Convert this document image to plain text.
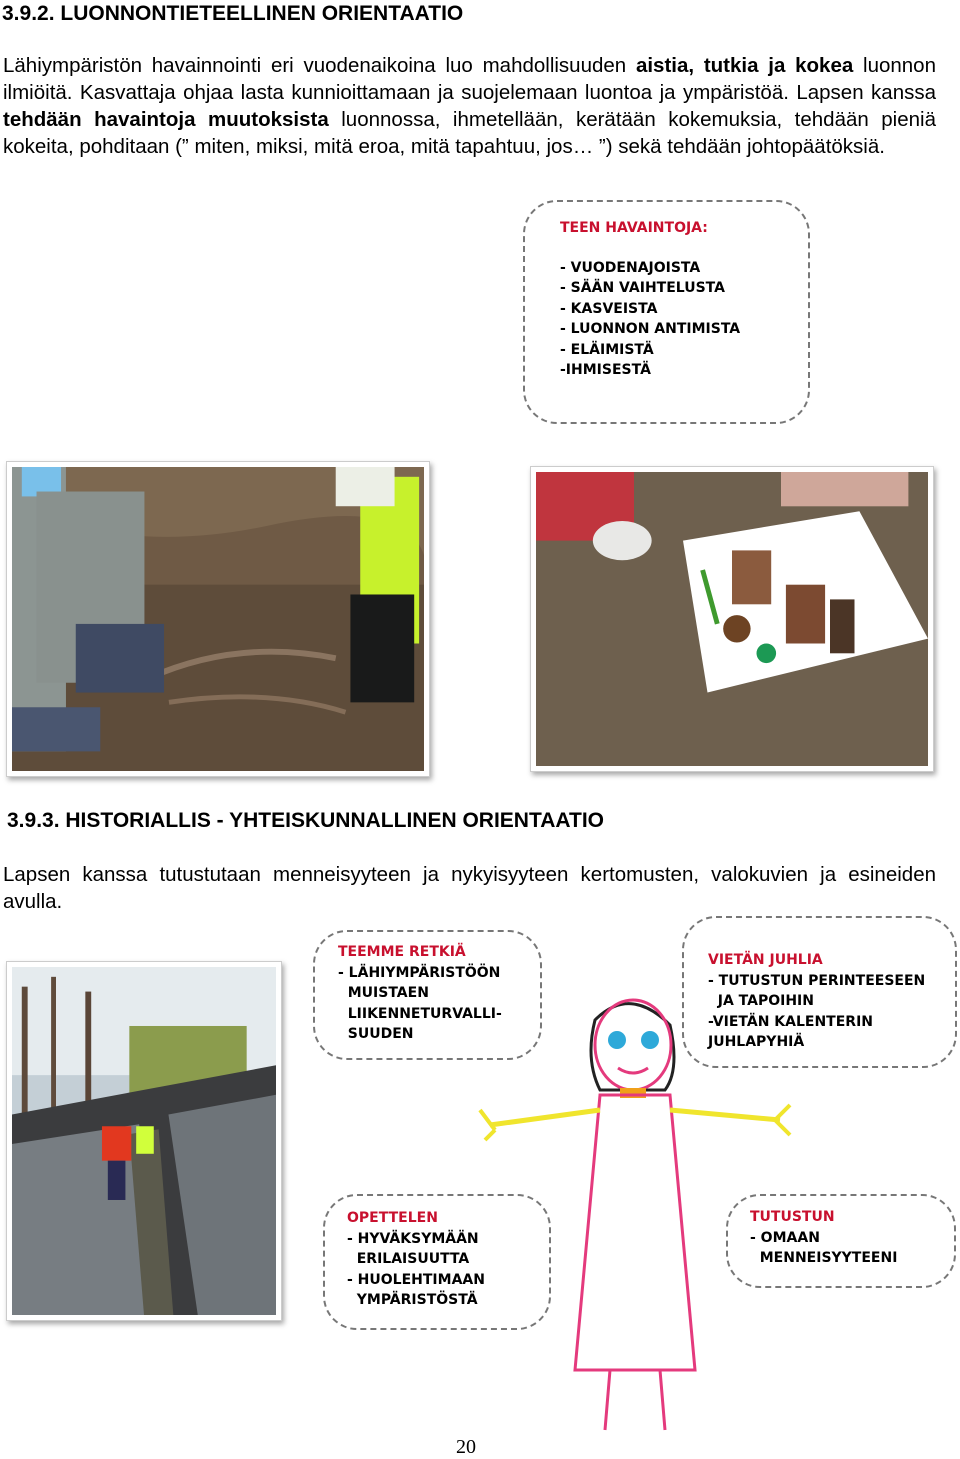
3.9.2. LUONNONTIETEELLINEN ORIENTAATIO
Lähiympäristön havainnointi eri vuodenaikoina luo mahdollisuuden aistia, tutkia ja kokea luonnon ilmiöitä. Kasvattaja ohjaa lasta kunnioittamaan ja suojelemaan luontoa ja ympäristöä. Lapsen kanssa tehdään havaintoja muutoksista luonnossa, ihmetellään, kerätään kokemuksia, tehdään pieniä kokeita, pohditaan (” miten, miksi, mitä eroa, mitä tapahtuu, jos… ”) sekä tehdään johtopäätöksiä.
TEEN HAVAINTOJA:
- VUODENAJOISTA
- SÄÄN VAIHTELUSTA
- KASVEISTA
- LUONNON ANTIMISTA
- ELÄIMISTÄ
-IHMISESTÄ
3.9.3. HISTORIALLIS - YHTEISKUNNALLINEN ORIENTAATIO
Lapsen kanssa tutustutaan menneisyyteen ja nykyisyyteen kertomusten, valokuvien ja esineiden avulla.
TEEMME RETKIÄ
- LÄHIYMPÄRISTÖÖN
MUISTAEN
LIIKENNETURVALLI-
SUUDEN
VIETÄN JUHLIA
- TUTUSTUN PERINTEESEEN
JA TAPOIHIN
-VIETÄN KALENTERIN
JUHLAPYHIÄ
OPETTELEN
- HYVÄKSYMÄÄN
ERILAISUUTTA
- HUOLEHTIMAAN
YMPÄRISTÖSTÄ
TUTUSTUN
- OMAAN
MENNEISYYTEENI
20
